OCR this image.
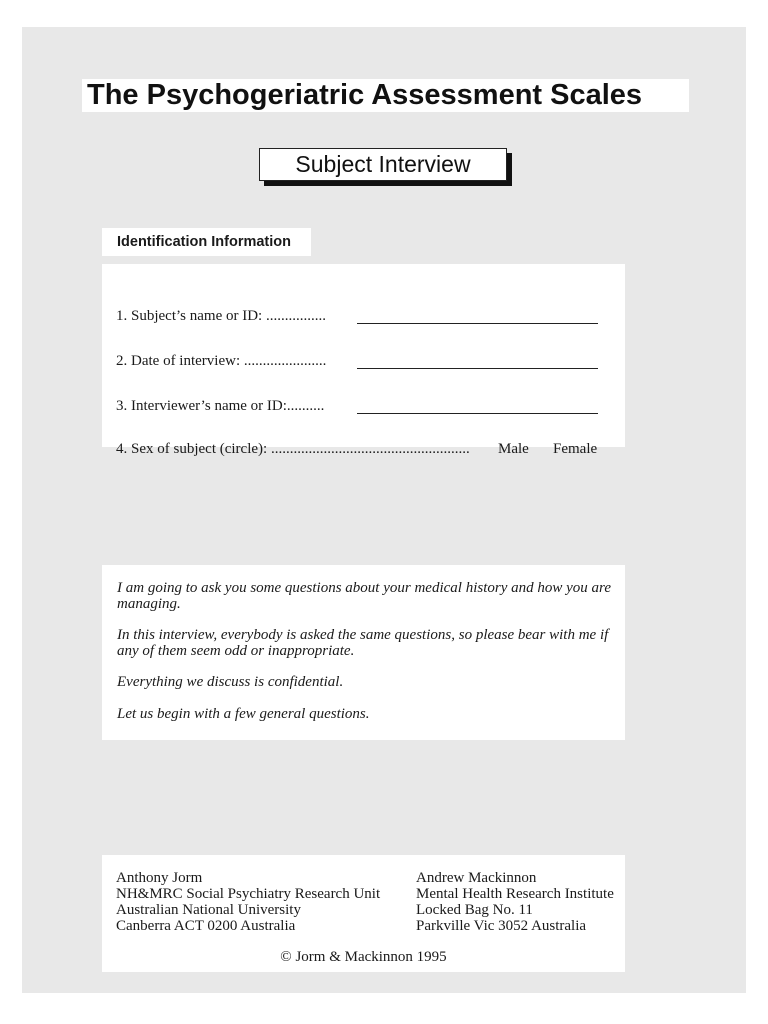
The Psychogeriatric Assessment Scales
Subject Interview
Identification Information
1. Subject’s name or ID: ................
2. Date of interview: ......................
3. Interviewer’s name or ID:..........
4. Sex of subject (circle): ..................................................... Male Female

I am going to ask you some questions about your medical history and how you are managing.

In this interview, everybody is asked the same questions, so please bear with me if any of them seem odd or inappropriate.

Everything we discuss is confidential.

Let us begin with a few general questions.

Anthony Jorm
NH&MRC Social Psychiatry Research Unit
Australian National University
Canberra ACT 0200 Australia
Andrew Mackinnon
Mental Health Research Institute
Locked Bag No. 11
Parkville Vic 3052 Australia
© Jorm & Mackinnon 1995
